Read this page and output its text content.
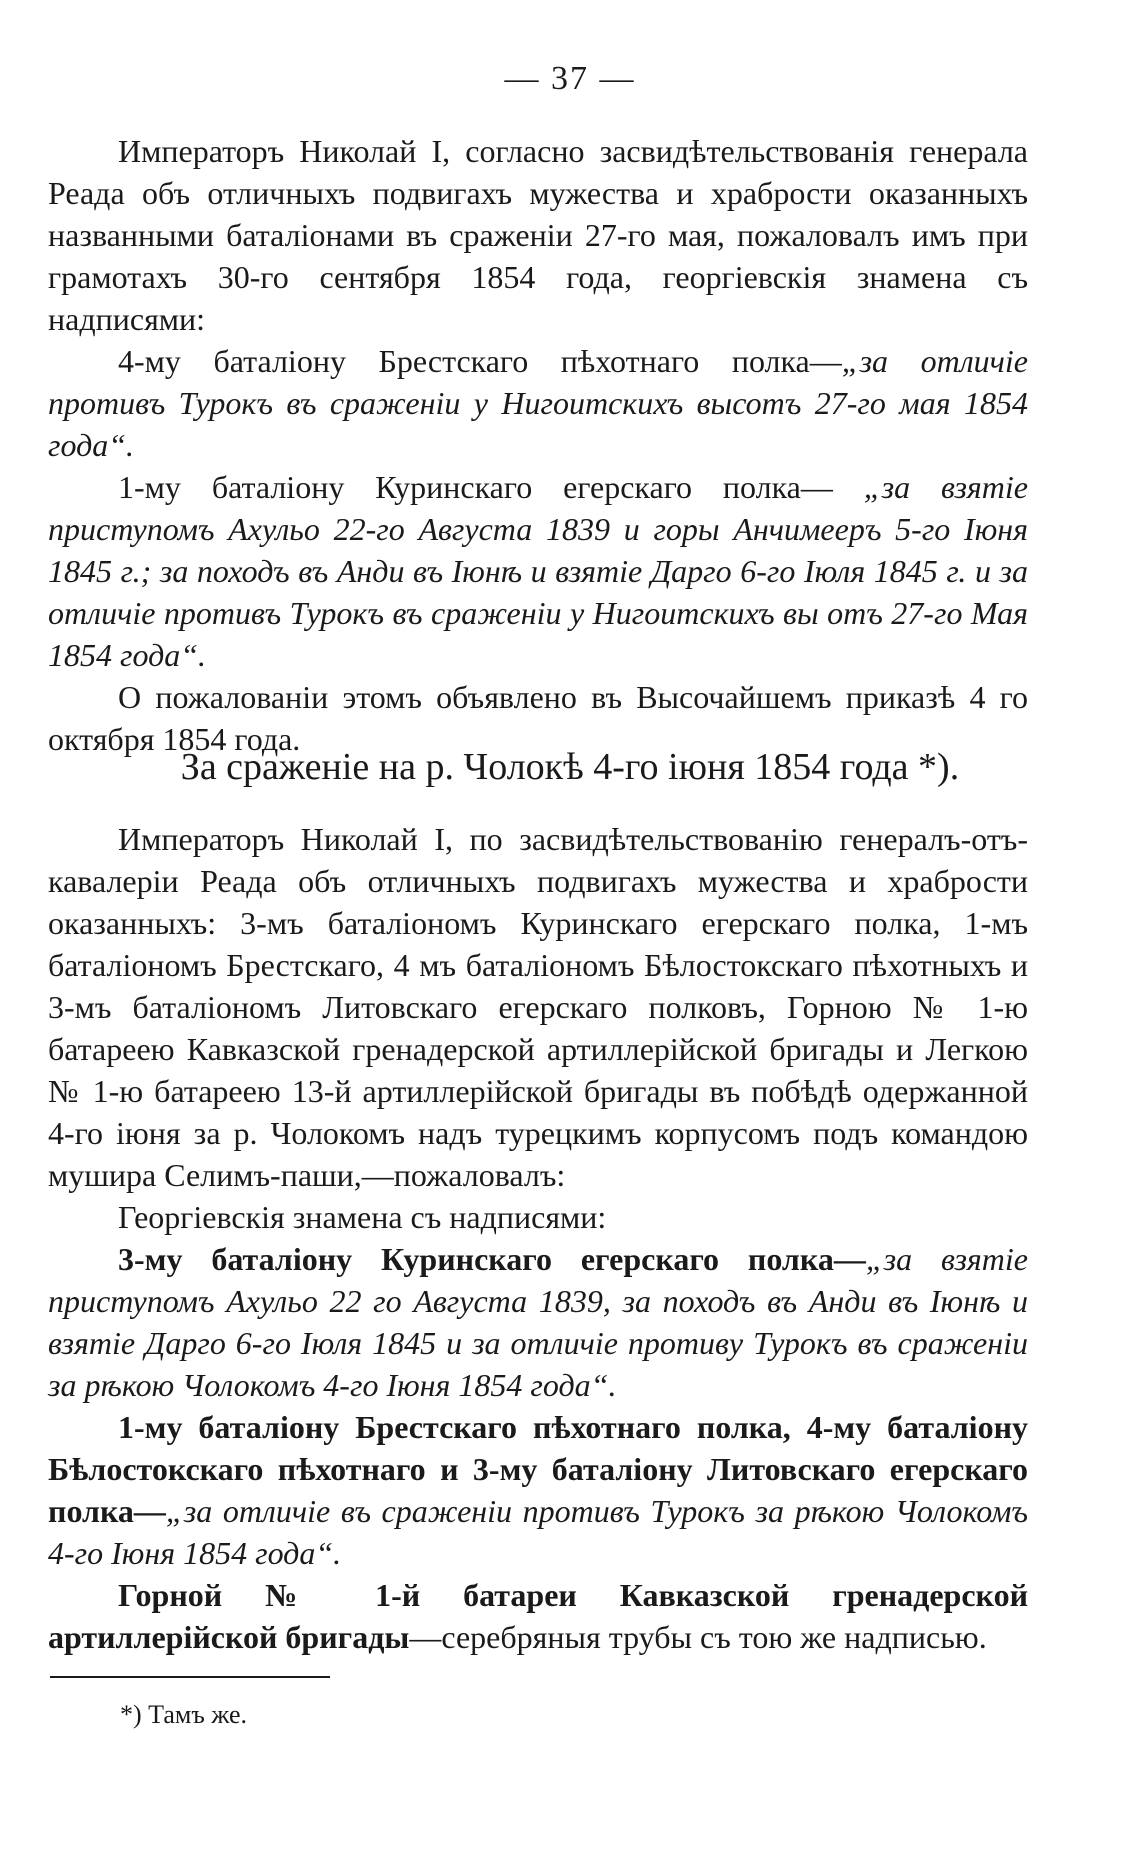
— 37 —

Императоръ Николай I, согласно засвидѣтельствованія генерала Реада объ отличныхъ подвигахъ мужества и храбрости оказанныхъ названными баталіонами въ сраженіи 27-го мая, пожаловалъ имъ при грамотахъ 30-го сентября 1854 года, георгіевскія знамена съ надписями:

4-му баталіону Брестскаго пѣхотнаго полка—„за отличіе противъ Турокъ въ сраженіи у Нигоитскихъ высотъ 27-го мая 1854 года“.

1-му баталіону Куринскаго егерскаго полка— „за взятіе приступомъ Ахульо 22-го Августа 1839 и горы Анчимееръ 5-го Іюня 1845 г.; за походъ въ Анди въ Іюнѣ и взятіе Дарго 6-го Іюля 1845 г. и за отличіе противъ Турокъ въ сраженіи у Нигоитскихъ вы отъ 27-го Мая 1854 года“.

О пожалованіи этомъ объявлено въ Высочайшемъ приказѣ 4 го октября 1854 года.

За сраженіе на р. Чолокѣ 4-го іюня 1854 года *).

Императоръ Николай I, по засвидѣтельствованію генералъ-отъ-кавалеріи Реада объ отличныхъ подвигахъ мужества и храбрости оказанныхъ: 3-мъ баталіономъ Куринскаго егерскаго полка, 1-мъ баталіономъ Брестскаго, 4 мъ баталіономъ Бѣлостокскаго пѣхотныхъ и 3-мъ баталіономъ Литовскаго егерскаго полковъ, Горною № 1-ю батареею Кавказской гренадерской артиллерійской бригады и Легкою № 1-ю батареею 13-й артиллерійской бригады въ побѣдѣ одержанной 4-го іюня за р. Чолокомъ надъ турецкимъ корпусомъ подъ командою мушира Селимъ-паши,—пожаловалъ:

Георгіевскія знамена съ надписями:

3-му баталіону Куринскаго егерскаго полка—„за взятіе приступомъ Ахульо 22 го Августа 1839, за походъ въ Анди въ Іюнѣ и взятіе Дарго 6-го Іюля 1845 и за отличіе противу Турокъ въ сраженіи за рѣкою Чолокомъ 4-го Іюня 1854 года“.

1-му баталіону Брестскаго пѣхотнаго полка, 4-му баталіону Бѣлостокскаго пѣхотнаго и 3-му баталіону Литовскаго егерскаго полка—„за отличіе въ сраженіи противъ Турокъ за рѣкою Чолокомъ 4-го Іюня 1854 года“.

Горной № 1-й батареи Кавказской гренадерской артиллерійской бригады—серебряныя трубы съ тою же надписью.

*) Тамъ же.
